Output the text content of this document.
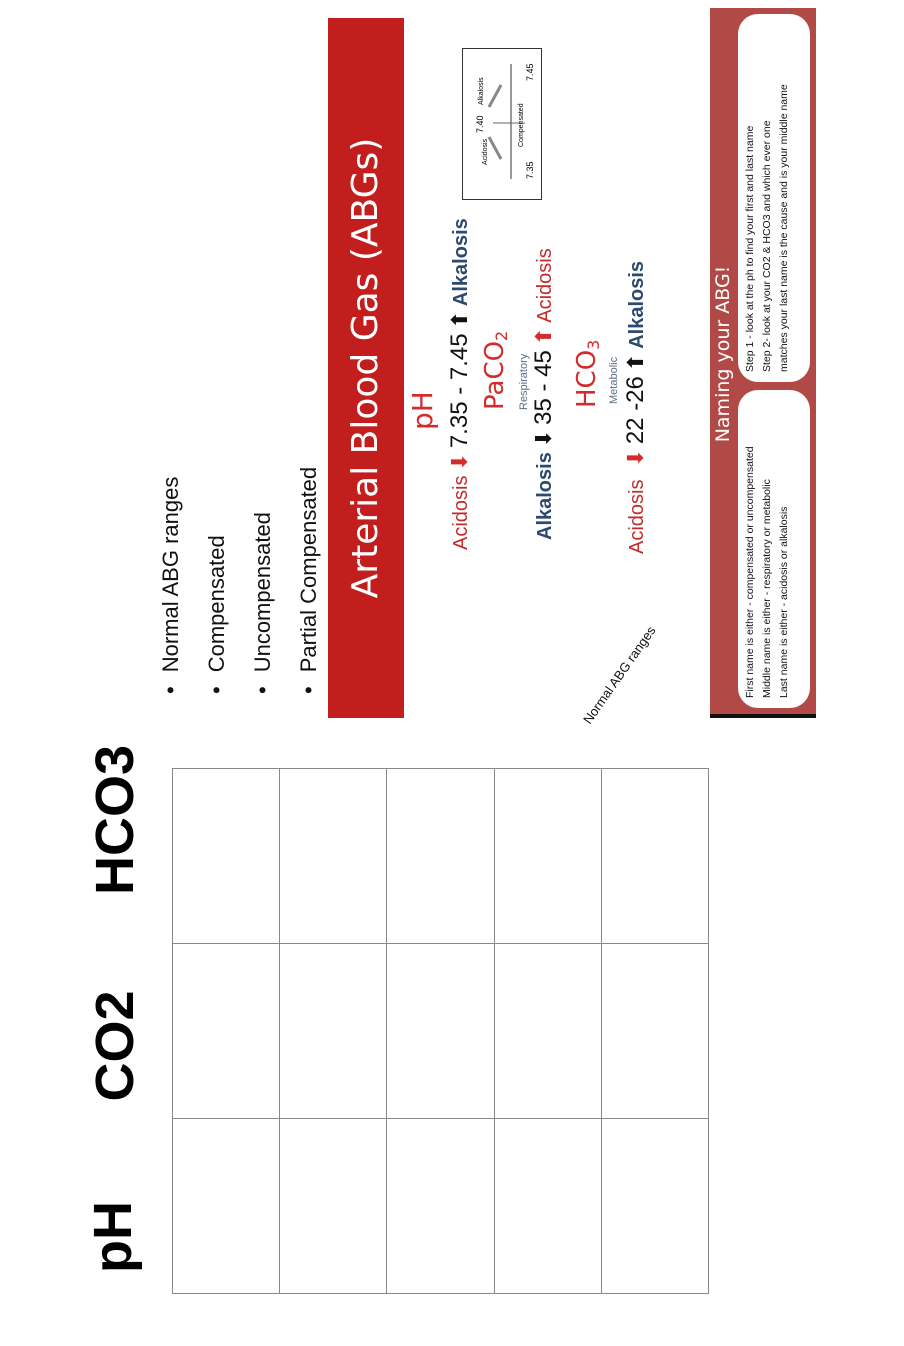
• Normal ABG ranges • Compensated • Uncompensated • Partial Compensated Arterial Blood Gas (ABGs)
Normal ABG ranges
pH
Acidosis ⬇ 7.35 - 7.45 ⬆ Alkalosis
7.35
7.40
7.45
Acidosis
Alkalosis
Compensated
PaCO$_2$
Respiratory
Alkalosis ⬇ 35 - 45 ⬆ Acidosis
$HCO_3$
Metabolic
Acidosis ⬇ 22 -26 ⬆ Alkalosis	Naming your ABG!
First name is either - compensated or uncompensated Middle name is either - respiratory or metabolic Last name is either - acidosis or alkalosis
Step 1 - look at the ph to find your first and last name Step 2- look at your CO2 & HCO3 and which ever one matches your last name is the cause and is your middle name
HCO3
CO2
pH
